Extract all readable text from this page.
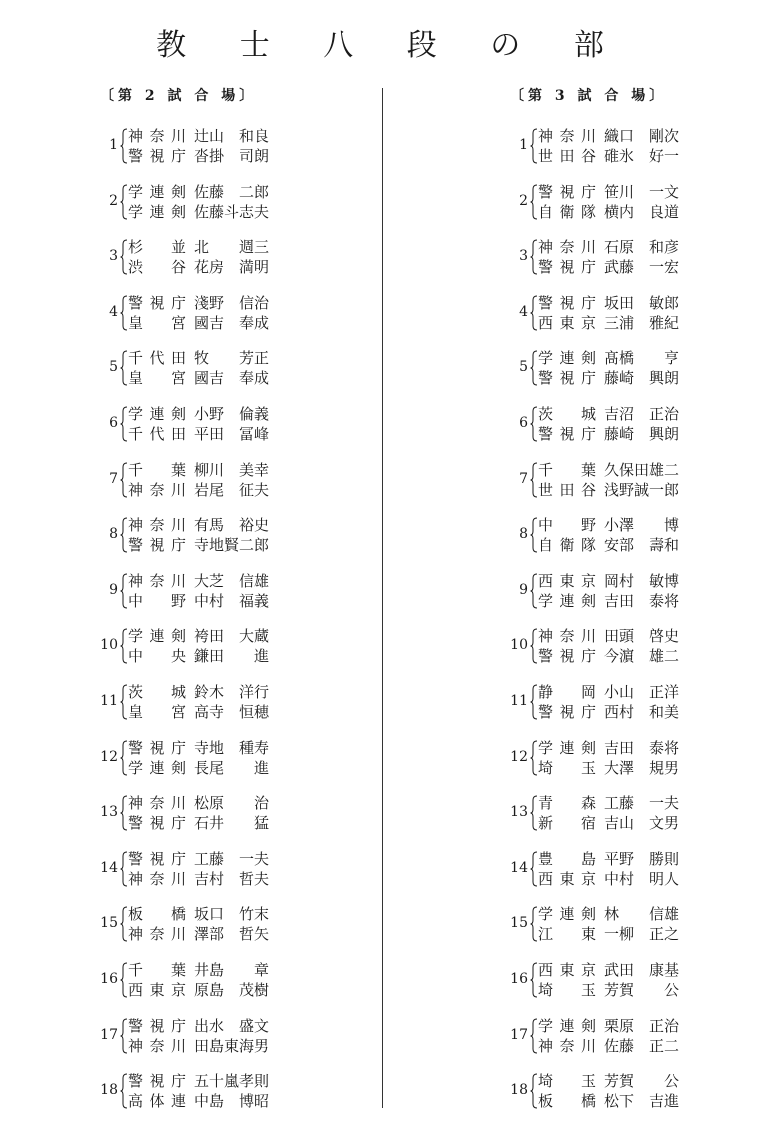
教 士 八 段 の 部
〔第 2 試 合 場〕
1 神奈川 辻山　和良
警視庁 沓掛　司朗
2 学連剣 佐藤　二郎
学連剣 佐藤斗志夫
3 杉　並 北　　週三
渋　谷 花房　満明
4 警視庁 淺野　信治
皇　宮 國吉　奉成
5 千代田 牧　　芳正
皇　宮 國吉　奉成
6 学連剣 小野　倫義
千代田 平田　冨峰
7 千　葉 柳川　美幸
神奈川 岩尾　征夫
8 神奈川 有馬　裕史
警視庁 寺地賢二郎
9 神奈川 大芝　信雄
中　野 中村　福義
10 学連剣 袴田　大蔵
中　央 鎌田　　進
11 茨　城 鈴木　洋行
皇　宮 高寺　恒穂
12 警視庁 寺地　種寿
学連剣 長尾　　進
13 神奈川 松原　　治
警視庁 石井　　猛
14 警視庁 工藤　一夫
神奈川 吉村　哲夫
15 板　橋 坂口　竹末
神奈川 澤部　哲矢
16 千　葉 井島　　章
西東京 原島　茂樹
17 警視庁 出水　盛文
神奈川 田島東海男
18 警視庁 五十嵐孝則
高体連 中島　博昭
〔第 3 試 合 場〕
1 神奈川 織口　剛次
世田谷 碓氷　好一
2 警視庁 笹川　一文
自衛隊 横内　良道
3 神奈川 石原　和彦
警視庁 武藤　一宏
4 警視庁 坂田　敏郎
西東京 三浦　雅紀
5 学連剣 髙橋　　亨
警視庁 藤崎　興朗
6 茨　城 吉沼　正治
警視庁 藤崎　興朗
7 千　葉 久保田雄二
世田谷 浅野誠一郎
8 中　野 小澤　　博
自衛隊 安部　壽和
9 西東京 岡村　敏博
学連剣 吉田　泰将
10 神奈川 田頭　啓史
警視庁 今濵　雄二
11 静　岡 小山　正洋
警視庁 西村　和美
12 学連剣 吉田　泰将
埼　玉 大澤　規男
13 青　森 工藤　一夫
新　宿 吉山　文男
14 豊　島 平野　勝則
西東京 中村　明人
15 学連剣 林　　信雄
江　東 一柳　正之
16 西東京 武田　康基
埼　玉 芳賀　　公
17 学連剣 栗原　正治
神奈川 佐藤　正二
18 埼　玉 芳賀　　公
板　橋 松下　吉進
